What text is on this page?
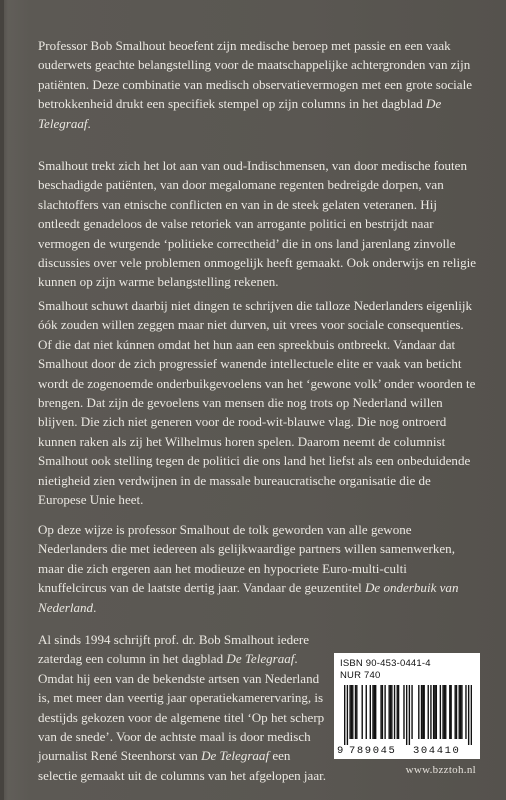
Professor Bob Smalhout beoefent zijn medische beroep met passie en een vaak ouderwets geachte belangstelling voor de maatschappelijke achtergronden van zijn patiënten. Deze combinatie van medisch observatievermogen met een grote sociale betrokkenheid drukt een specifiek stempel op zijn columns in het dagblad De Telegraaf.

Smalhout trekt zich het lot aan van oud-Indischmensen, van door medische fouten beschadigde patiënten, van door megalomane regenten bedreigde dorpen, van slachtoffers van etnische conflicten en van in de steek gelaten veteranen. Hij ontleedt genadeloos de valse retoriek van arrogante politici en bestrijdt naar vermogen de wurgende ‘politieke correctheid’ die in ons land jarenlang zinvolle discussies over vele problemen onmogelijk heeft gemaakt. Ook onderwijs en religie kunnen op zijn warme belangstelling rekenen.

Smalhout schuwt daarbij niet dingen te schrijven die talloze Nederlanders eigenlijk óók zouden willen zeggen maar niet durven, uit vrees voor sociale consequenties. Of die dat niet kúnnen omdat het hun aan een spreekbuis ontbreekt. Vandaar dat Smalhout door de zich progressief wanende intellectuele elite er vaak van beticht wordt de zogenoemde onderbuikgevoelens van het ‘gewone volk’ onder woorden te brengen. Dat zijn de gevoelens van mensen die nog trots op Nederland willen blijven. Die zich niet generen voor de rood-wit-blauwe vlag. Die nog ontroerd kunnen raken als zij het Wilhelmus horen spelen. Daarom neemt de columnist Smalhout ook stelling tegen de politici die ons land het liefst als een onbeduidende nietigheid zien verdwijnen in de massale bureaucratische organisatie die de Europese Unie heet.

Op deze wijze is professor Smalhout de tolk geworden van alle gewone Nederlanders die met iedereen als gelijkwaardige partners willen samenwerken, maar die zich ergeren aan het modieuze en hypocriete Euro-multi-culti knuffelcircus van de laatste dertig jaar. Vandaar de geuzentitel De onderbuik van Nederland.

Al sinds 1994 schrijft prof. dr. Bob Smalhout iedere zaterdag een column in het dagblad De Telegraaf. Omdat hij een van de bekendste artsen van Nederland is, met meer dan veertig jaar operatiekamerervaring, is destijds gekozen voor de algemene titel ‘Op het scherp van de snede’. Voor de achtste maal is door medisch journalist René Steenhorst van De Telegraaf een selectie gemaakt uit de columns van het afgelopen jaar.

ISBN 90-453-0441-4
NUR 740
9 789045 304410
www.bzztoh.nl
